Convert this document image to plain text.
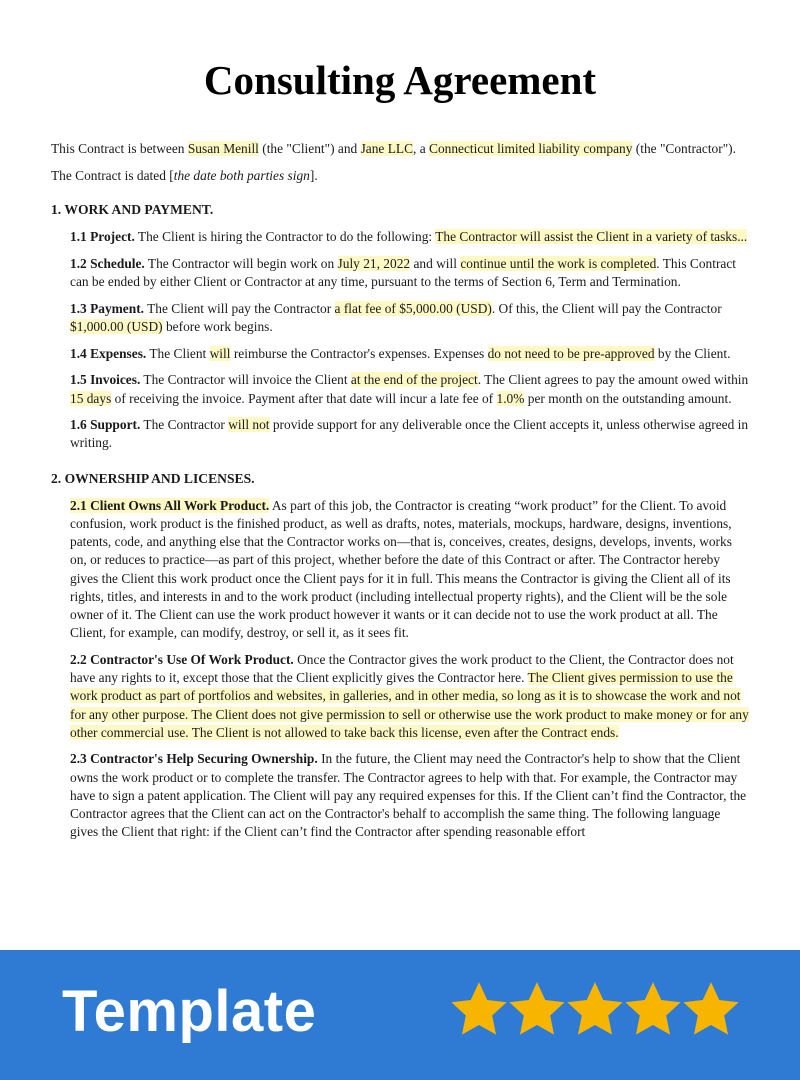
Consulting Agreement

This Contract is between Susan Menill (the "Client") and Jane LLC, a Connecticut limited liability company (the "Contractor").

The Contract is dated [the date both parties sign].

1. WORK AND PAYMENT.

1.1 Project. The Client is hiring the Contractor to do the following: The Contractor will assist the Client in a variety of tasks...

1.2 Schedule. The Contractor will begin work on July 21, 2022 and will continue until the work is completed. This Contract can be ended by either Client or Contractor at any time, pursuant to the terms of Section 6, Term and Termination.

1.3 Payment. The Client will pay the Contractor a flat fee of $5,000.00 (USD). Of this, the Client will pay the Contractor $1,000.00 (USD) before work begins.

1.4 Expenses. The Client will reimburse the Contractor's expenses. Expenses do not need to be pre-approved by the Client.

1.5 Invoices. The Contractor will invoice the Client at the end of the project. The Client agrees to pay the amount owed within 15 days of receiving the invoice. Payment after that date will incur a late fee of 1.0% per month on the outstanding amount.

1.6 Support. The Contractor will not provide support for any deliverable once the Client accepts it, unless otherwise agreed in writing.

2. OWNERSHIP AND LICENSES.

2.1 Client Owns All Work Product. As part of this job, the Contractor is creating “work product” for the Client. To avoid confusion, work product is the finished product, as well as drafts, notes, materials, mockups, hardware, designs, inventions, patents, code, and anything else that the Contractor works on—that is, conceives, creates, designs, develops, invents, works on, or reduces to practice—as part of this project, whether before the date of this Contract or after. The Contractor hereby gives the Client this work product once the Client pays for it in full. This means the Contractor is giving the Client all of its rights, titles, and interests in and to the work product (including intellectual property rights), and the Client will be the sole owner of it. The Client can use the work product however it wants or it can decide not to use the work product at all. The Client, for example, can modify, destroy, or sell it, as it sees fit.

2.2 Contractor's Use Of Work Product. Once the Contractor gives the work product to the Client, the Contractor does not have any rights to it, except those that the Client explicitly gives the Contractor here. The Client gives permission to use the work product as part of portfolios and websites, in galleries, and in other media, so long as it is to showcase the work and not for any other purpose. The Client does not give permission to sell or otherwise use the work product to make money or for any other commercial use. The Client is not allowed to take back this license, even after the Contract ends.

2.3 Contractor's Help Securing Ownership. In the future, the Client may need the Contractor's help to show that the Client owns the work product or to complete the transfer. The Contractor agrees to help with that. For example, the Contractor may have to sign a patent application. The Client will pay any required expenses for this. If the Client can’t find the Contractor, the Contractor agrees that the Client can act on the Contractor's behalf to accomplish the same thing. The following language gives the Client that right: if the Client can’t find the Contractor after spending reasonable effort

Template
